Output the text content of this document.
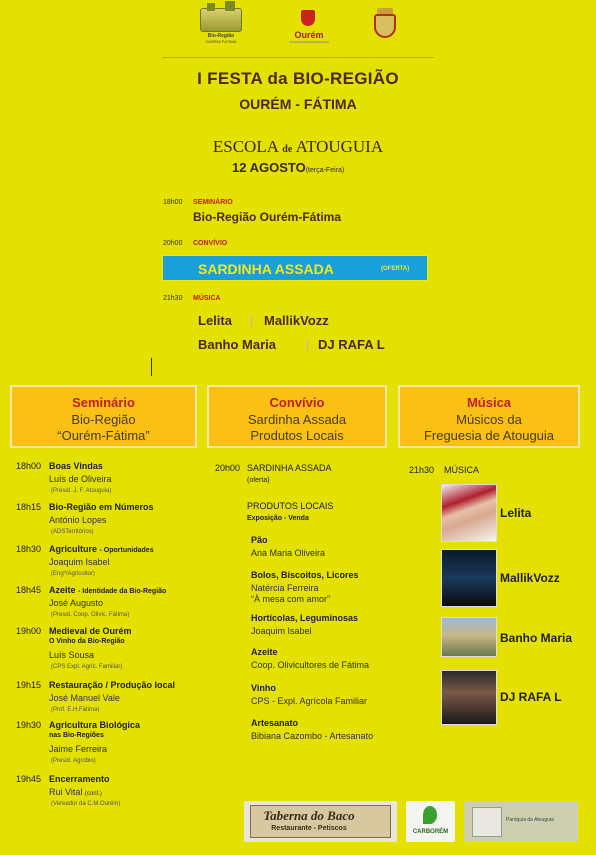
Bio-Região
OURÉM·FÁTIMA
Ourém
I FESTA da BIO-REGIÃO
OURÉM - FÁTIMA
ESCOLA de ATOUGUIA
12 AGOSTO(terça-Feira)
18h00 SEMINÁRIO
Bio-Região Ourém-Fátima
20h00 CONVÍVIO
SARDINHA ASSADA	(OFERTA)
21h30 MÚSICA
Lelita MallikVozz
Banho Maria	DJ RAFA L
Seminário
Bio-Região
“Ourém-Fátima”
Convívio
Sardinha Assada
Produtos Locais
Música
Músicos da
Freguesia de Atouguia
18h00 Boas Vindas
Luís de Oliveira
(Presid. J. F. Atouguia)
18h15 Bio-Região em Números
António Lopes
(ADSTerritórios)
18h30 Agriculture - Oportunidades
Joaquim Isabel
(Engº/Agricultor)
18h45 Azeite - Identidade da Bio-Região
José Augusto
(Presid. Coop. Olivic. Fátima)
19h00 Medieval de Ourém
O Vinho da Bio-Região
Luís Sousa
(CPS Expl. Agríc. Familiar)
19h15 Restauração / Produção local
José Manuel Vale
(Prof. E.H.Fátima)
19h30 Agricultura Biológica
nas Bio-Regiões
Jaime Ferreira
(Presid. Agrobio)
19h45 Encerramento
Rui Vital (conf.)
(Vereador da C.M.Ourém)
20h00 SARDINHA ASSADA
(oferta)
PRODUTOS LOCAIS
Exposição - Venda
Pão
Ana Maria Oliveira
Bolos, Biscoitos, Licores
Natércia Ferreira
“À mesa com amor”
Hortícolas, Leguminosas
Joaquim Isabel
Azeite
Coop. Olivicultores de Fátima
Vinho
CPS - Expl. Agrícola Familiar
Artesanato
Bibiana Cazombo - Artesanato
21h30 MÚSICA
Lelita
MallikVozz
Banho Maria
DJ RAFA L
Taberna do Baco
Restaurante - Petiscos	CARBORÉM
Paróquia da Atouguia
